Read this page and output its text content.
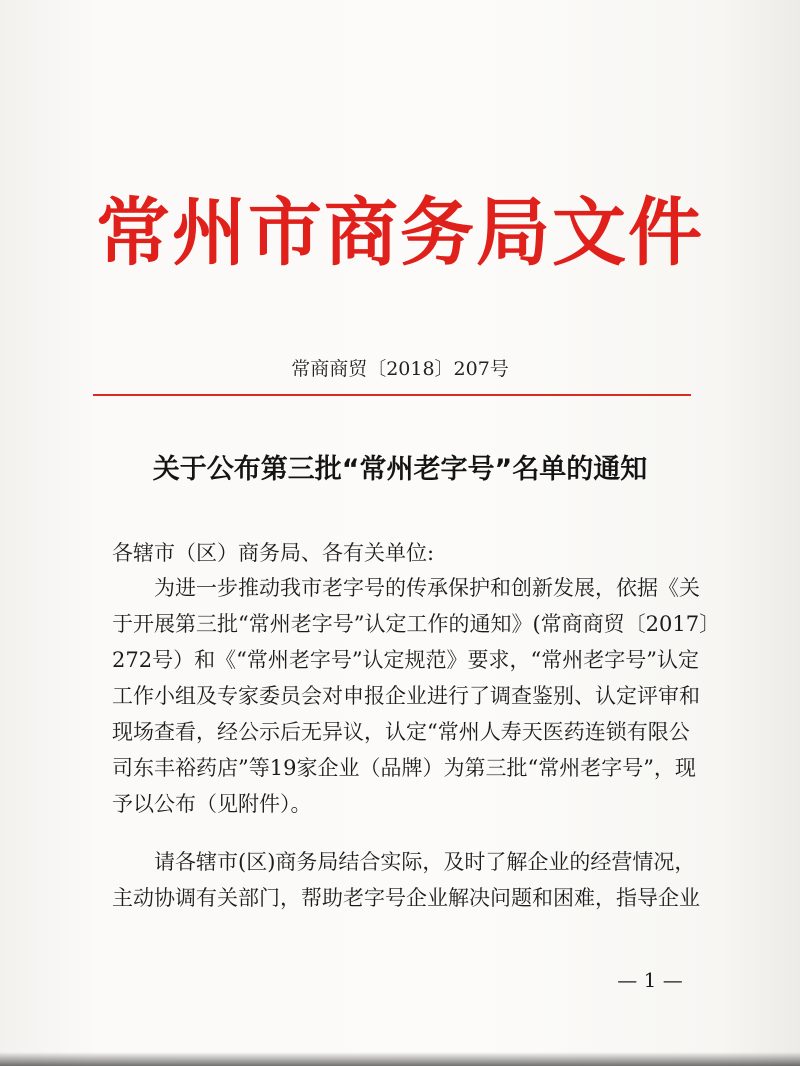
常州市商务局文件
常商商贸〔2018〕207号
关于公布第三批“常州老字号”名单的通知
各辖市（区）商务局、各有关单位:
　　为进一步推动我市老字号的传承保护和创新发展，依据《关
于开展第三批“常州老字号”认定工作的通知》(常商商贸〔2017〕
272号）和《“常州老字号”认定规范》要求，“常州老字号”认定
工作小组及专家委员会对申报企业进行了调查鉴别、认定评审和
现场查看，经公示后无异议，认定“常州人寿天医药连锁有限公
司东丰裕药店”等19家企业（品牌）为第三批“常州老字号”，现
予以公布（见附件）。
　　请各辖市(区)商务局结合实际，及时了解企业的经营情况，
主动协调有关部门，帮助老字号企业解决问题和困难，指导企业
— 1 —
